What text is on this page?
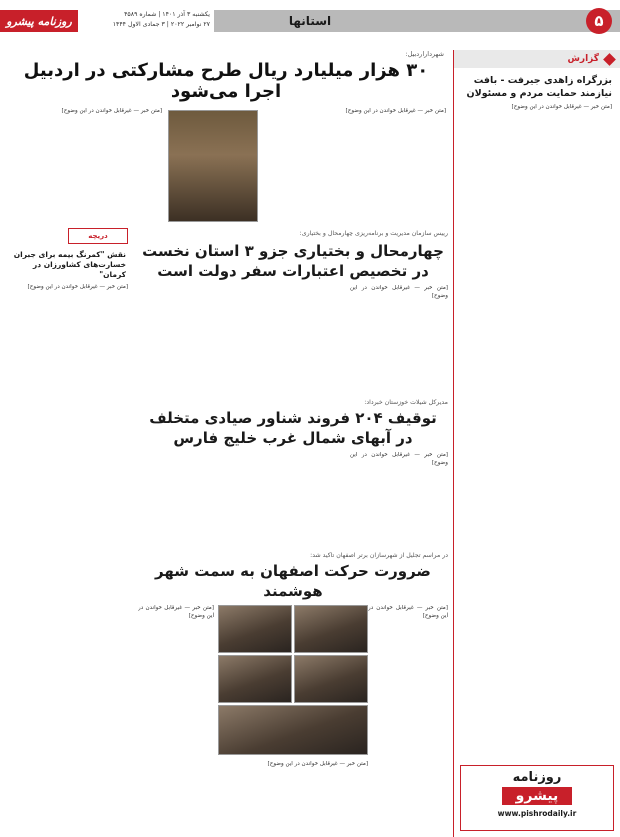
استانها	۵
یکشنبه ۳ آذر ۱۴۰۱ | شماره ۴۵۸۹
۲۷ نوامبر ۲۰۲۲ | ۳ جمادی الاول ۱۴۴۴
روزنامه پیشرو
گزارش
بزرگراه زاهدی جیرفت - بافت نیازمند حمایت مردم و مسئولان
[متن خبر — غیرقابل خواندن در این وضوح]
روزنامه
پیشرو
www.pishrodaily.ir
شهرداراردبیل:
۳۰ هزار میلیارد ریال طرح مشارکتی در اردبیل اجرا می‌شود
[متن خبر — غیرقابل خواندن در این وضوح]
[متن خبر — غیرقابل خواندن در این وضوح]
دریچه
نقش "کمرنگ بیمه برای جبران خسارت‌های کشاورزان در کرمان"
[متن خبر — غیرقابل خواندن در این وضوح]
رییس سازمان مدیریت و برنامه‌ریزی چهارمحال و بختیاری:
چهارمحال و بختیاری جزو ۳ استان نخست در تخصیص اعتبارات سفر دولت است
[متن خبر — غیرقابل خواندن در این وضوح]
مدیرکل شیلات خوزستان خبرداد:
توقیف ۲۰۴ فروند شناور صیادی متخلف در آبهای شمال غرب خلیج فارس
[متن خبر — غیرقابل خواندن در این وضوح]
در مراسم تجلیل از شهرسازان برتر اصفهان تاکید شد:
ضرورت حرکت اصفهان به سمت شهر هوشمند
[متن خبر — غیرقابل خواندن در این وضوح]
[متن خبر — غیرقابل خواندن در این وضوح]
[متن خبر — غیرقابل خواندن در این وضوح]
